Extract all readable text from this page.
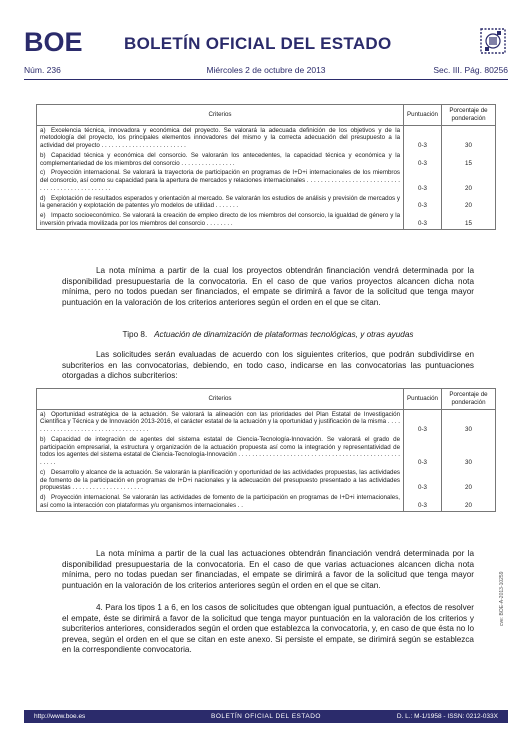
BOE BOLETÍN OFICIAL DEL ESTADO
Núm. 236	Miércoles 2 de octubre de 2013	Sec. III. Pág. 80256
Criterios	Puntuación	Porcentaje de ponderación
a) Excelencia técnica, innovadora y económica del proyecto. Se valorará la adecuada definición de los objetivos y de la metodología del proyecto, los principales elementos innovadores del mismo y la correcta adecuación del presupuesto a la actividad del proyecto . . . . . . . . . . . . . . . . . . . . . . . . .	0-3	30
b) Capacidad técnica y económica del consorcio. Se valorarán los antecedentes, la capacidad técnica y económica y la complementariedad de los miembros del consorcio . . . . . . . . . . . . . . . .	0-3	15
c) Proyección internacional. Se valorará la trayectoria de participación en programas de I+D+i internacionales de los miembros del consorcio, así como su capacidad para la apertura de mercados y relaciones internacionales . . . . . . . . . . . . . . . . . . . . . . . . . . . . . . . . . . . . . . . . . . . . . . . .	0-3	20
d) Explotación de resultados esperados y orientación al mercado. Se valorarán los estudios de análisis y previsión de mercados y la generación y explotación de patentes y/o modelos de utilidad . . . . . . .	0-3	20
e) Impacto socioeconómico. Se valorará la creación de empleo directo de los miembros del consorcio, la igualdad de género y la inversión privada movilizada por los miembros del consorcio . . . . . . . .	0-3	15

La nota mínima a partir de la cual los proyectos obtendrán financiación vendrá determinada por la disponibilidad presupuestaria de la convocatoria. En el caso de que varios proyectos alcancen dicha nota mínima, pero no todos puedan ser financiados, el empate se dirimirá a favor de la solicitud que tenga mayor puntuación en la valoración de los criterios anteriores según el orden en el que se citan.

Tipo 8. Actuación de dinamización de plataformas tecnológicas, y otras ayudas

Las solicitudes serán evaluadas de acuerdo con los siguientes criterios, que podrán subdividirse en subcriterios en las convocatorias, debiendo, en todo caso, indicarse en las convocatorias las puntuaciones otorgadas a dichos subcriterios:

Criterios	Puntuación	Porcentaje de ponderación
a) Oportunidad estratégica de la actuación. Se valorará la alineación con las prioridades del Plan Estatal de Investigación Científica y Técnica y de Innovación 2013-2016, el carácter estatal de la actuación y la oportunidad y justificación de la misma . . . . . . . . . . . . . . . . . . . . . . . . . . . . . . . . . . . .	0-3	30
b) Capacidad de integración de agentes del sistema estatal de Ciencia-Tecnología-Innovación. Se valorará el grado de participación empresarial, la estructura y organización de la actuación propuesta así como la integración y representatividad de todos los agentes del sistema estatal de Ciencia-Tecnología-Innovación . . . . . . . . . . . . . . . . . . . . . . . . . . . . . . . . . . . . . . . . . . . . . . . . . . . .	0-3	30
c) Desarrollo y alcance de la actuación. Se valorarán la planificación y oportunidad de las actividades propuestas, las actividades de fomento de la participación en programas de I+D+i nacionales y la adecuación del presupuesto presentado a las actividades propuestas . . . . . . . . . . . . . . . . . . . . .	0-3	20
d) Proyección internacional. Se valorarán las actividades de fomento de la participación en programas de I+D+i internacionales, así como la interacción con plataformas y/u organismos internacionales . .	0-3	20

La nota mínima a partir de la cual las actuaciones obtendrán financiación vendrá determinada por la disponibilidad presupuestaria de la convocatoria. En el caso de que varias actuaciones alcancen dicha nota mínima, pero no todas puedan ser financiadas, el empate se dirimirá a favor de la solicitud que tenga mayor puntuación en la valoración de los criterios anteriores según el orden en el que se citan.

4. Para los tipos 1 a 6, en los casos de solicitudes que obtengan igual puntuación, a efectos de resolver el empate, éste se dirimirá a favor de la solicitud que tenga mayor puntuación en la valoración de los criterios y subcriterios anteriores, considerados según el orden que establezca la convocatoria, y, en caso de que ésta no lo prevea, según el orden en el que se citan en este anexo. Si persiste el empate, se dirimirá según se establezca en la correspondiente convocatoria.

cve: BOE-A-2013-10259
http://www.boe.es	BOLETÍN OFICIAL DEL ESTADO	D. L.: M-1/1958 - ISSN: 0212-033X
